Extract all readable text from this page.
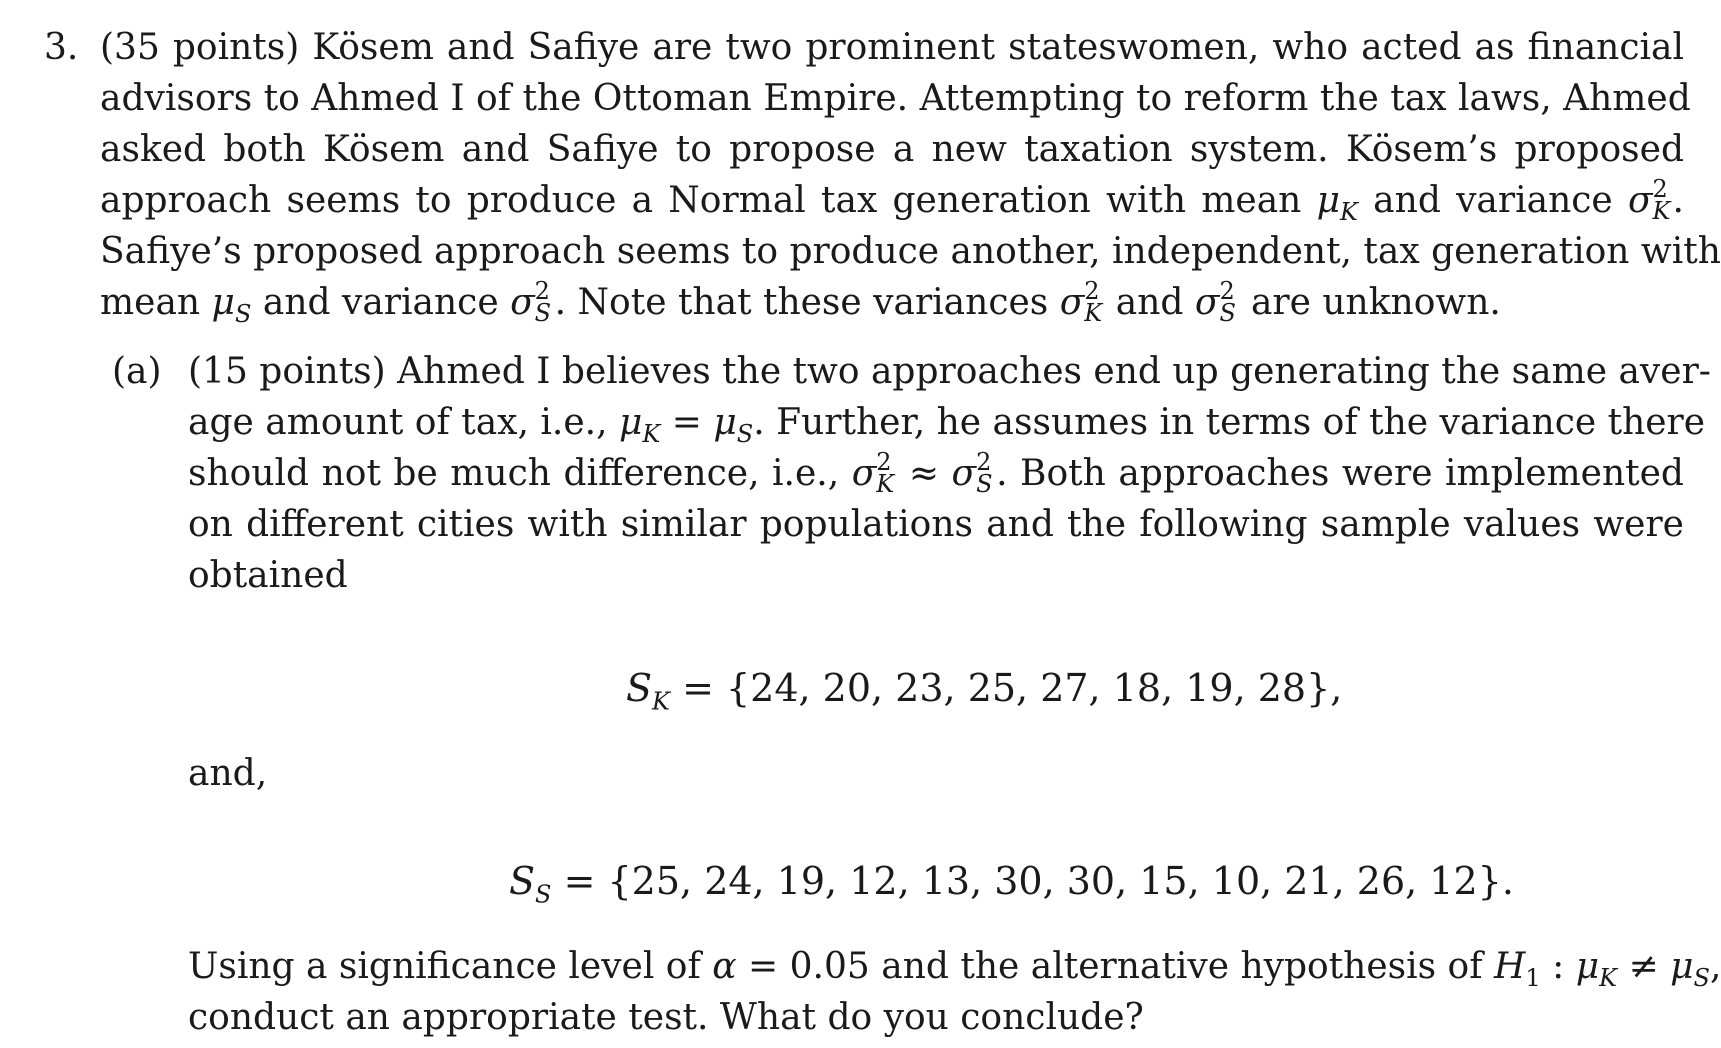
3. (35 points) Kösem and Safiye are two prominent stateswomen, who acted as financial
advisors to Ahmed I of the Ottoman Empire. Attempting to reform the tax laws, Ahmed
asked both Kösem and Safiye to propose a new taxation system. Kösem’s proposed
approach seems to produce a Normal tax generation with mean $\mu_K$ and variance σ 2
K .
Safiye’s proposed approach seems to produce another, independent, tax generation with
mean $\mu_S$ and variance σ 2
S . Note that these variances σ 2
K and σ 2
S are unknown.
(a) (15 points) Ahmed I believes the two approaches end up generating the same aver-
age amount of tax, i.e., $\mu_K = \mu_S$. Further, he assumes in terms of the variance there
should not be much difference, i.e., σ 2
K ≈ σ 2
S . Both approaches were implemented
on different cities with similar populations and the following sample values were
obtained
$S_K = \{24$, 20, 23, 25, 27, 18, 19, 28},
and,
$S_S = \{25$, 24, 19, 12, 13, 30, 30, 15, 10, 21, 26, 12}.
Using a significance level of α = 0.05 and the alternative hypothesis of $H_1$ : $\mu_K \ne \mu_S$,
conduct an appropriate test. What do you conclude?
